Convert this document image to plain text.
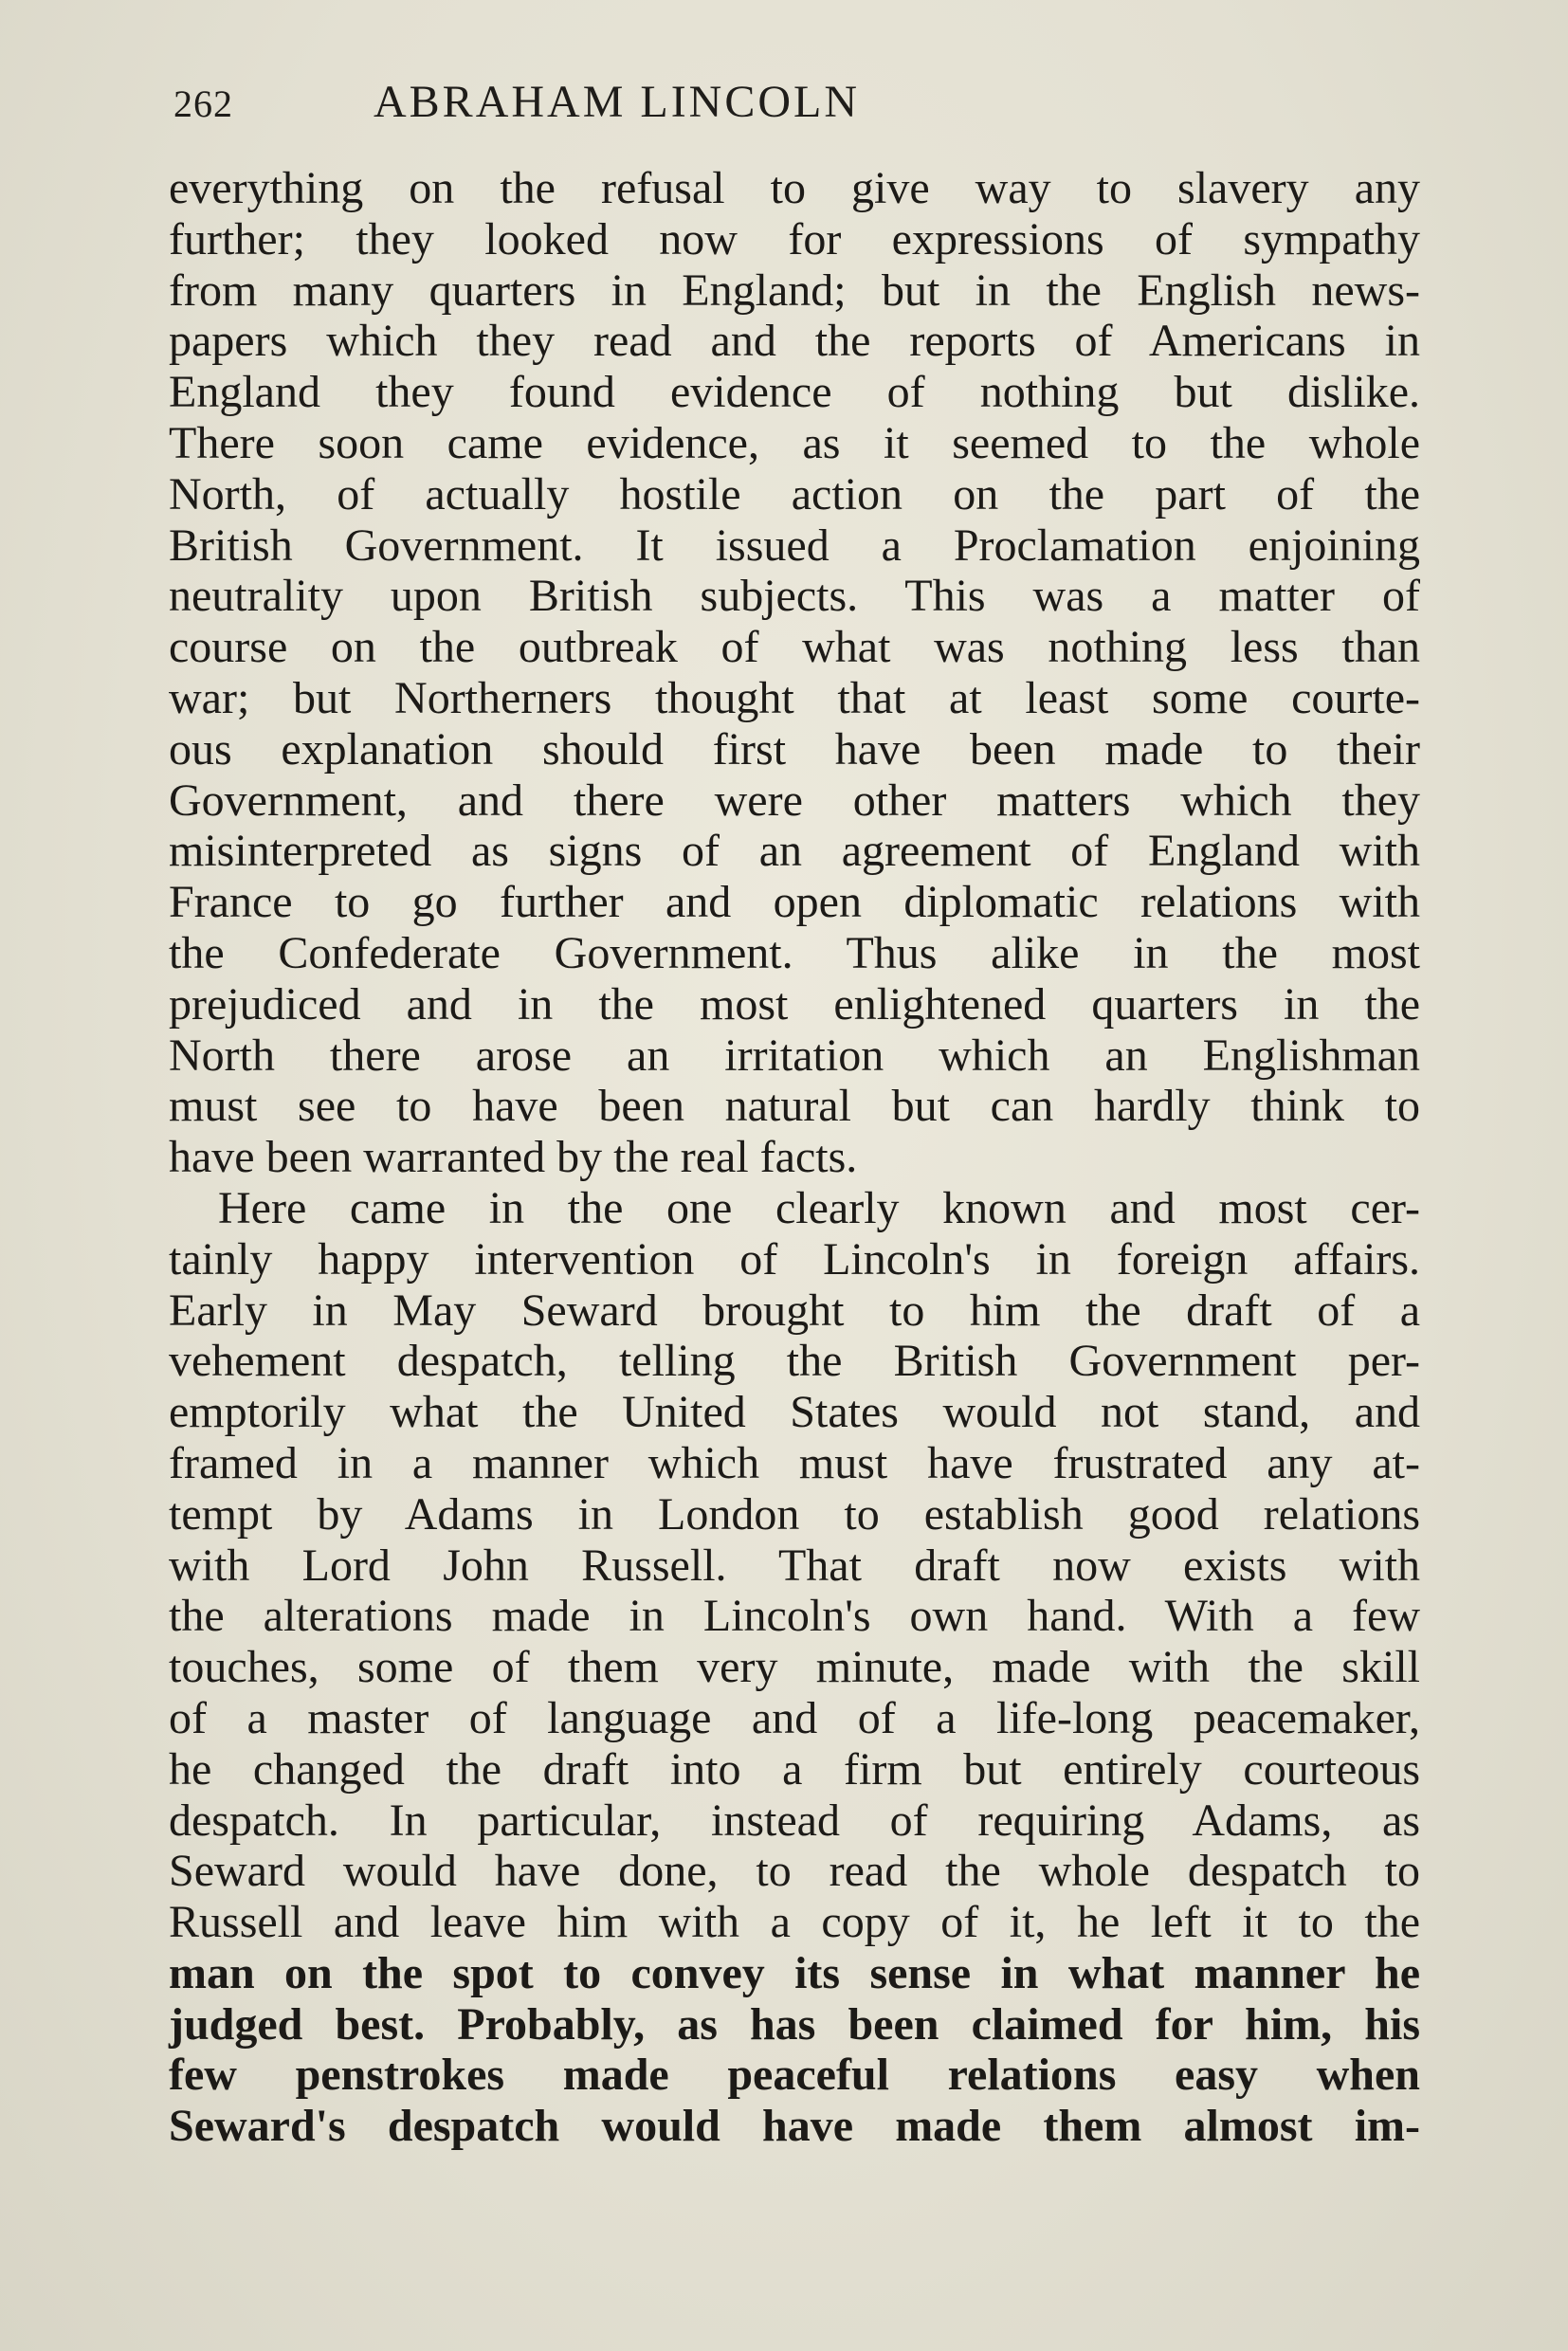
262	ABRAHAM LINCOLN
everything on the refusal to give way to slavery any
further; they looked now for expressions of sympathy
from many quarters in England; but in the English news-
papers which they read and the reports of Americans in
England they found evidence of nothing but dislike.
There soon came evidence, as it seemed to the whole
North, of actually hostile action on the part of the
British Government. It issued a Proclamation enjoining
neutrality upon British subjects. This was a matter of
course on the outbreak of what was nothing less than
war; but Northerners thought that at least some courte-
ous explanation should first have been made to their
Government, and there were other matters which they
misinterpreted as signs of an agreement of England with
France to go further and open diplomatic relations with
the Confederate Government. Thus alike in the most
prejudiced and in the most enlightened quarters in the
North there arose an irritation which an Englishman
must see to have been natural but can hardly think to
have been warranted by the real facts.
Here came in the one clearly known and most cer-
tainly happy intervention of Lincoln's in foreign affairs.
Early in May Seward brought to him the draft of a
vehement despatch, telling the British Government per-
emptorily what the United States would not stand, and
framed in a manner which must have frustrated any at-
tempt by Adams in London to establish good relations
with Lord John Russell. That draft now exists with
the alterations made in Lincoln's own hand. With a few
touches, some of them very minute, made with the skill
of a master of language and of a life-long peacemaker,
he changed the draft into a firm but entirely courteous
despatch. In particular, instead of requiring Adams, as
Seward would have done, to read the whole despatch to
Russell and leave him with a copy of it, he left it to the
man on the spot to convey its sense in what manner he
judged best. Probably, as has been claimed for him, his
few penstrokes made peaceful relations easy when
Seward's despatch would have made them almost im-
